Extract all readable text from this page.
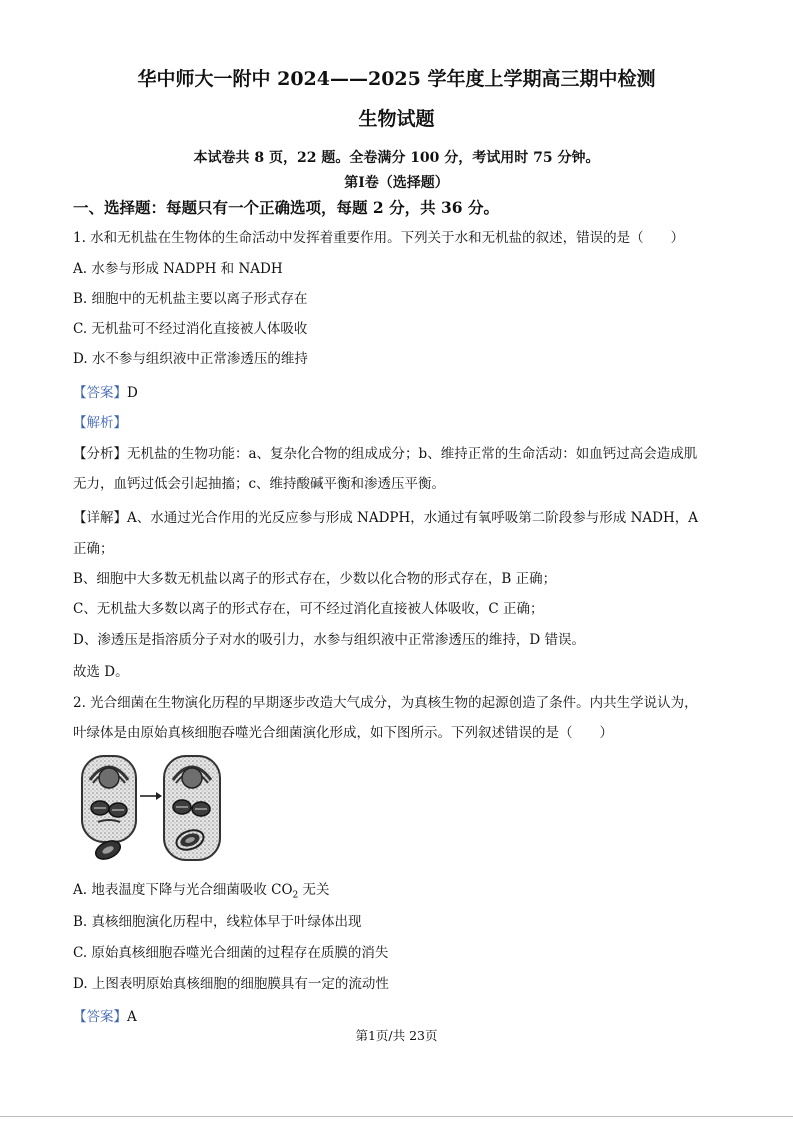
华中师大一附中 2024——2025 学年度上学期高三期中检测
生物试题
本试卷共 8 页，22 题。全卷满分 100 分，考试用时 75 分钟。
第Ⅰ卷（选择题）
一、选择题：每题只有一个正确选项，每题 2 分，共 36 分。
1. 水和无机盐在生物体的生命活动中发挥着重要作用。下列关于水和无机盐的叙述，错误的是（　　）
A. 水参与形成 NADPH 和 NADH
B. 细胞中的无机盐主要以离子形式存在
C. 无机盐可不经过消化直接被人体吸收
D. 水不参与组织液中正常渗透压的维持
【答案】D
【解析】
【分析】无机盐的生物功能：a、复杂化合物的组成成分；b、维持正常的生命活动：如血钙过高会造成肌
无力，血钙过低会引起抽搐；c、维持酸碱平衡和渗透压平衡。
【详解】A、水通过光合作用的光反应参与形成 NADPH，水通过有氧呼吸第二阶段参与形成 NADH，A
正确；
B、细胞中大多数无机盐以离子的形式存在，少数以化合物的形式存在，B 正确；
C、无机盐大多数以离子的形式存在，可不经过消化直接被人体吸收，C 正确；
D、渗透压是指溶质分子对水的吸引力，水参与组织液中正常渗透压的维持，D 错误。
故选 D。
2. 光合细菌在生物演化历程的早期逐步改造大气成分，为真核生物的起源创造了条件。内共生学说认为，
叶绿体是由原始真核细胞吞噬光合细菌演化形成，如下图所示。下列叙述错误的是（　　）
A. 地表温度下降与光合细菌吸收 $CO_2$ 无关
B. 真核细胞演化历程中，线粒体早于叶绿体出现
C. 原始真核细胞吞噬光合细菌的过程存在质膜的消失
D. 上图表明原始真核细胞的细胞膜具有一定的流动性
【答案】A
第1页/共 23页
